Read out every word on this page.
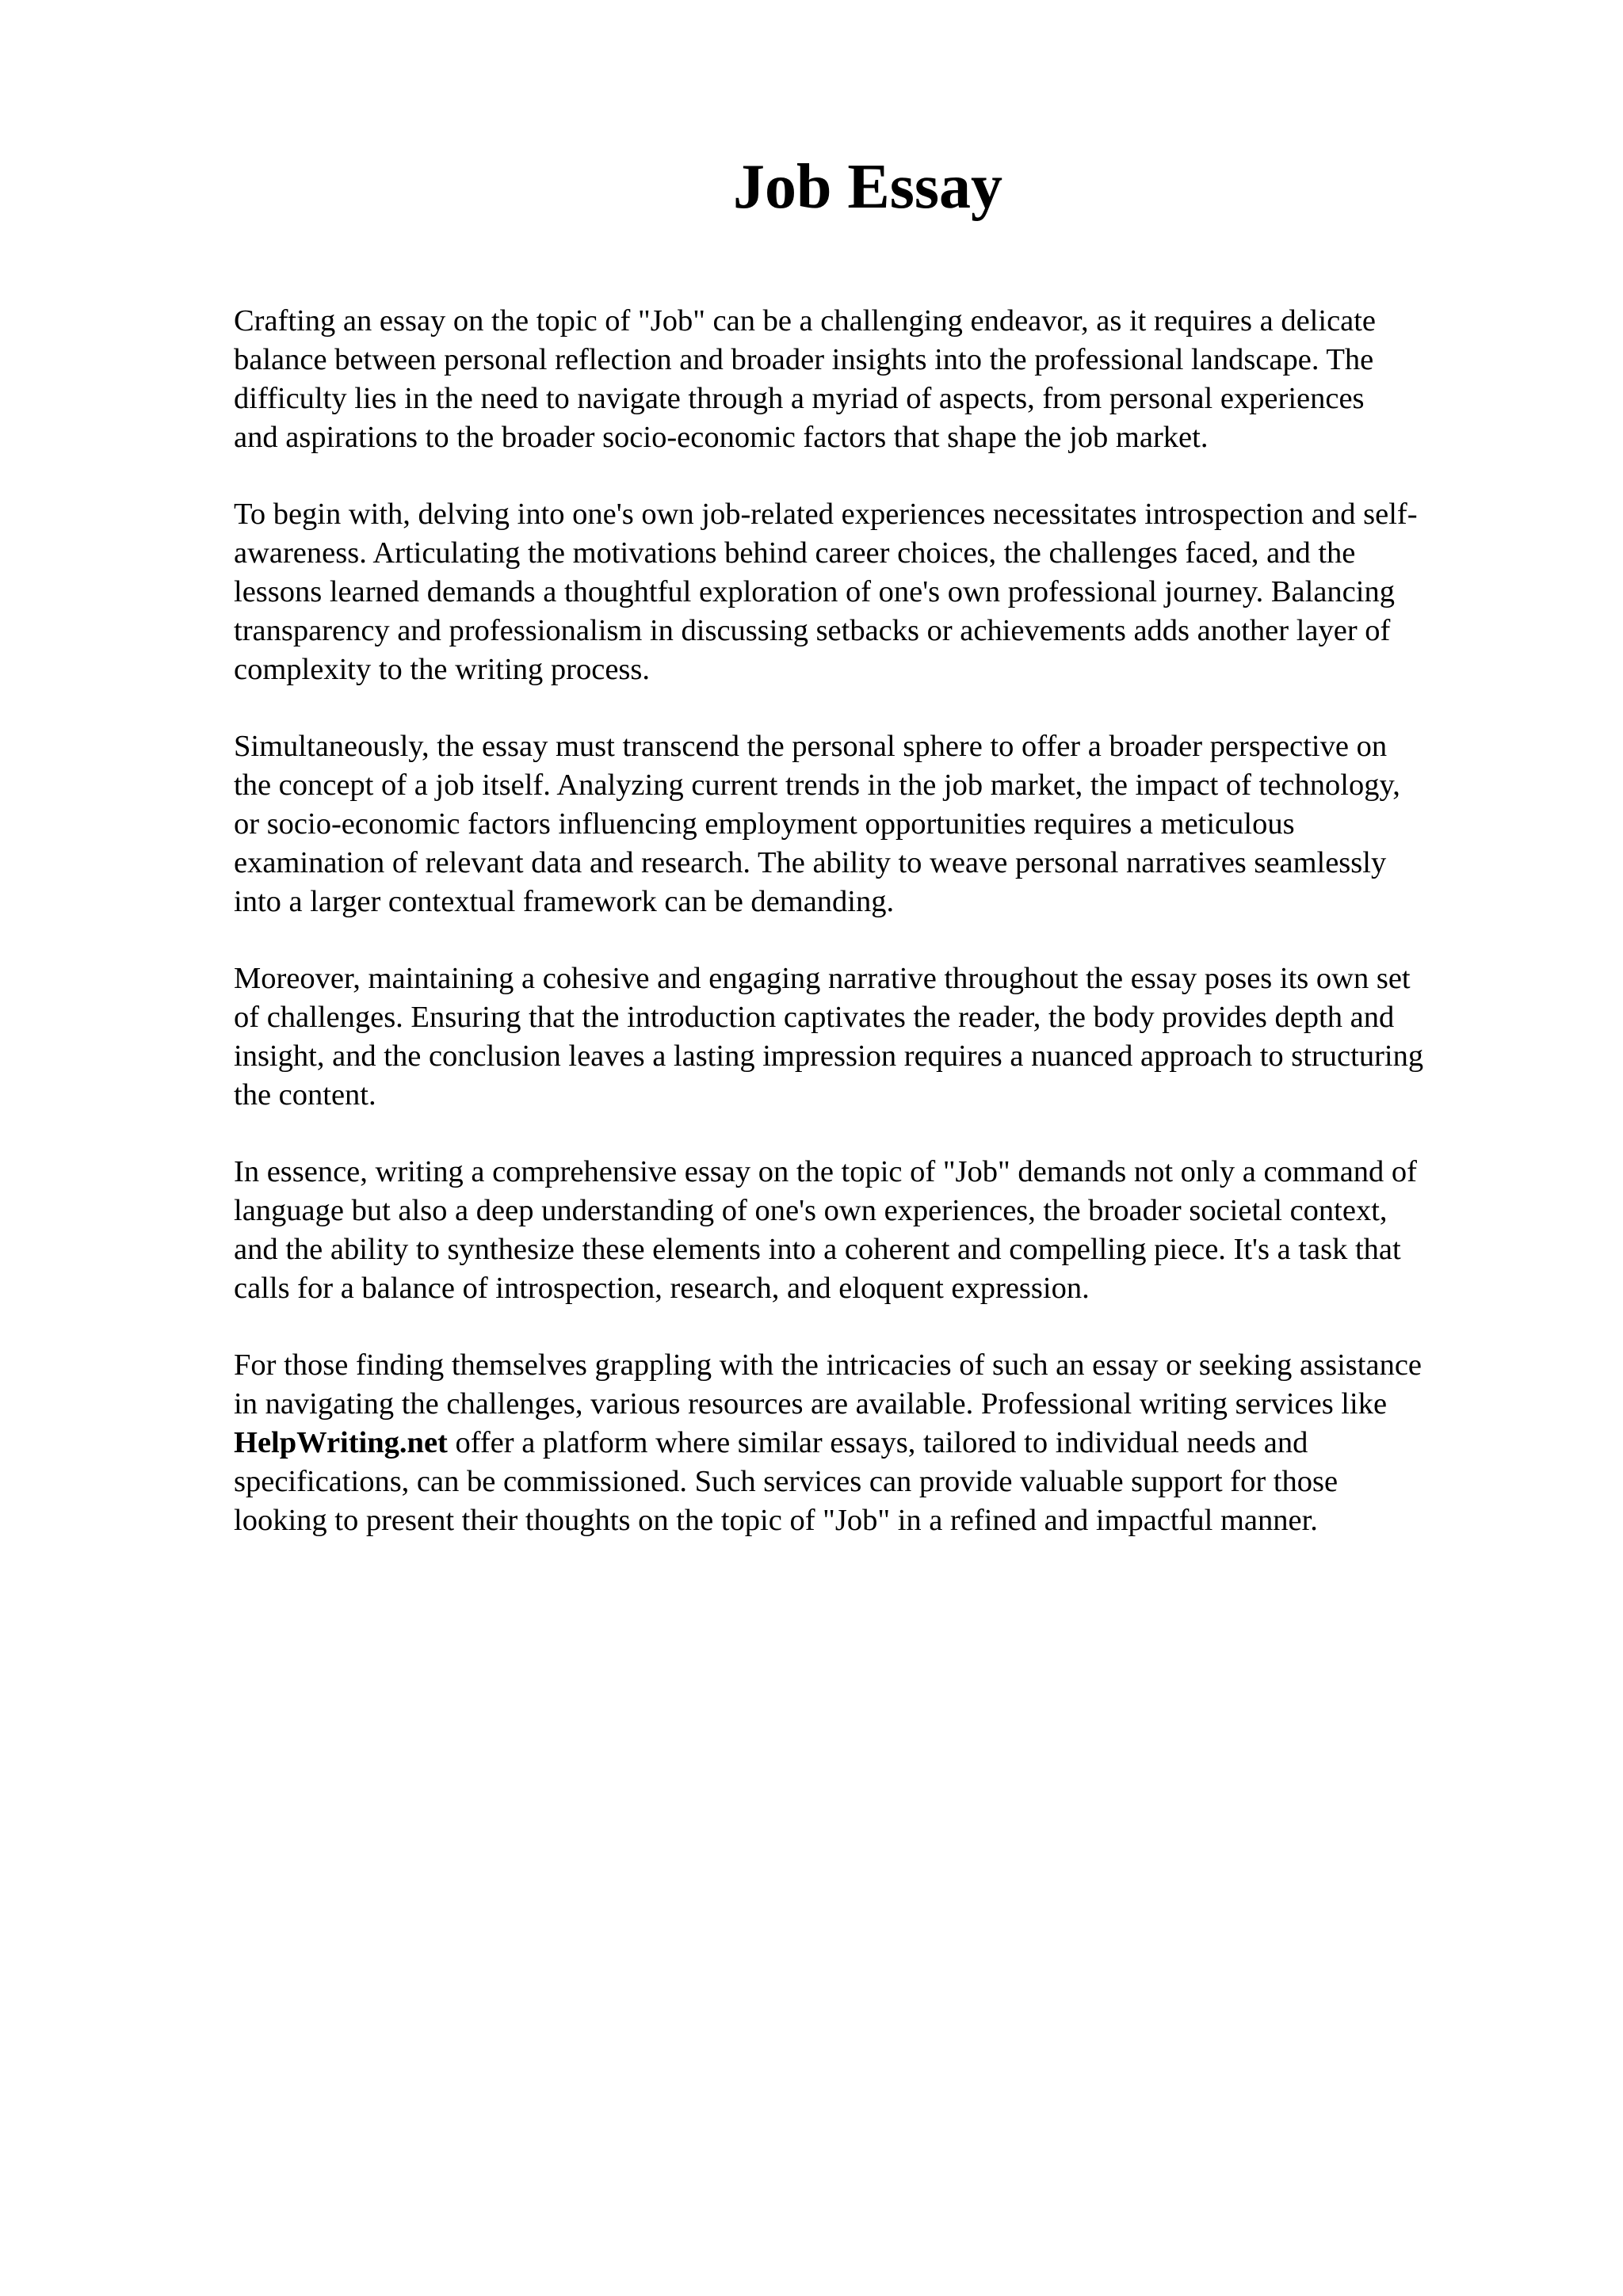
Job Essay

Crafting an essay on the topic of "Job" can be a challenging endeavor, as it requires a delicate
balance between personal reflection and broader insights into the professional landscape. The
difficulty lies in the need to navigate through a myriad of aspects, from personal experiences
and aspirations to the broader socio-economic factors that shape the job market.

To begin with, delving into one's own job-related experiences necessitates introspection and self-
awareness. Articulating the motivations behind career choices, the challenges faced, and the
lessons learned demands a thoughtful exploration of one's own professional journey. Balancing
transparency and professionalism in discussing setbacks or achievements adds another layer of
complexity to the writing process.

Simultaneously, the essay must transcend the personal sphere to offer a broader perspective on
the concept of a job itself. Analyzing current trends in the job market, the impact of technology,
or socio-economic factors influencing employment opportunities requires a meticulous
examination of relevant data and research. The ability to weave personal narratives seamlessly
into a larger contextual framework can be demanding.

Moreover, maintaining a cohesive and engaging narrative throughout the essay poses its own set
of challenges. Ensuring that the introduction captivates the reader, the body provides depth and
insight, and the conclusion leaves a lasting impression requires a nuanced approach to structuring
the content.

In essence, writing a comprehensive essay on the topic of "Job" demands not only a command of
language but also a deep understanding of one's own experiences, the broader societal context,
and the ability to synthesize these elements into a coherent and compelling piece. It's a task that
calls for a balance of introspection, research, and eloquent expression.

For those finding themselves grappling with the intricacies of such an essay or seeking assistance
in navigating the challenges, various resources are available. Professional writing services like
HelpWriting.net offer a platform where similar essays, tailored to individual needs and
specifications, can be commissioned. Such services can provide valuable support for those
looking to present their thoughts on the topic of "Job" in a refined and impactful manner.
